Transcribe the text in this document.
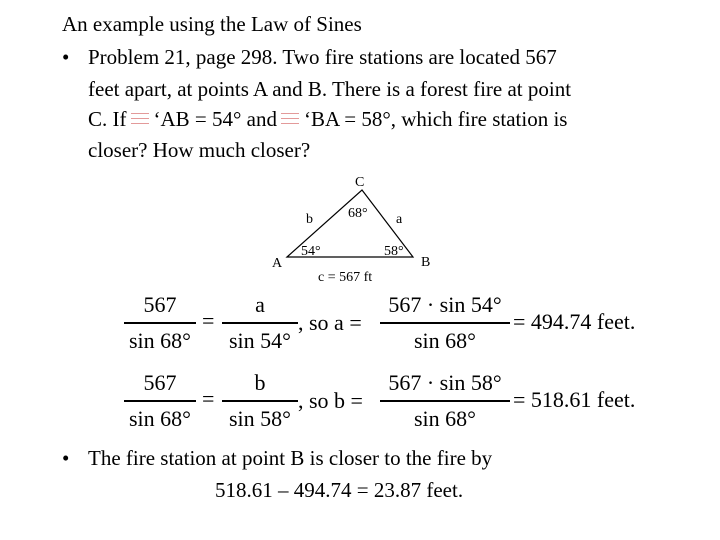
An example using the Law of Sines
• Problem 21, page 298. Two fire stations are located 567
feet apart, at points A and B. There is a forest fire at point
C. If ‘AB = 54° and ‘BA = 58°, which fire station is
closer? How much closer?
C
68°
b	a
A
54°	58°
B
c = 567 ft
567
sin 68°
=
a
sin 54°
, so a =
567 · sin 54°
sin 68°
= 494.74 feet.
567
sin 68°
=
b
sin 58°
, so b =
567 · sin 58°
sin 68°
= 518.61 feet.
• The fire station at point B is closer to the fire by
518.61 – 494.74 = 23.87 feet.
